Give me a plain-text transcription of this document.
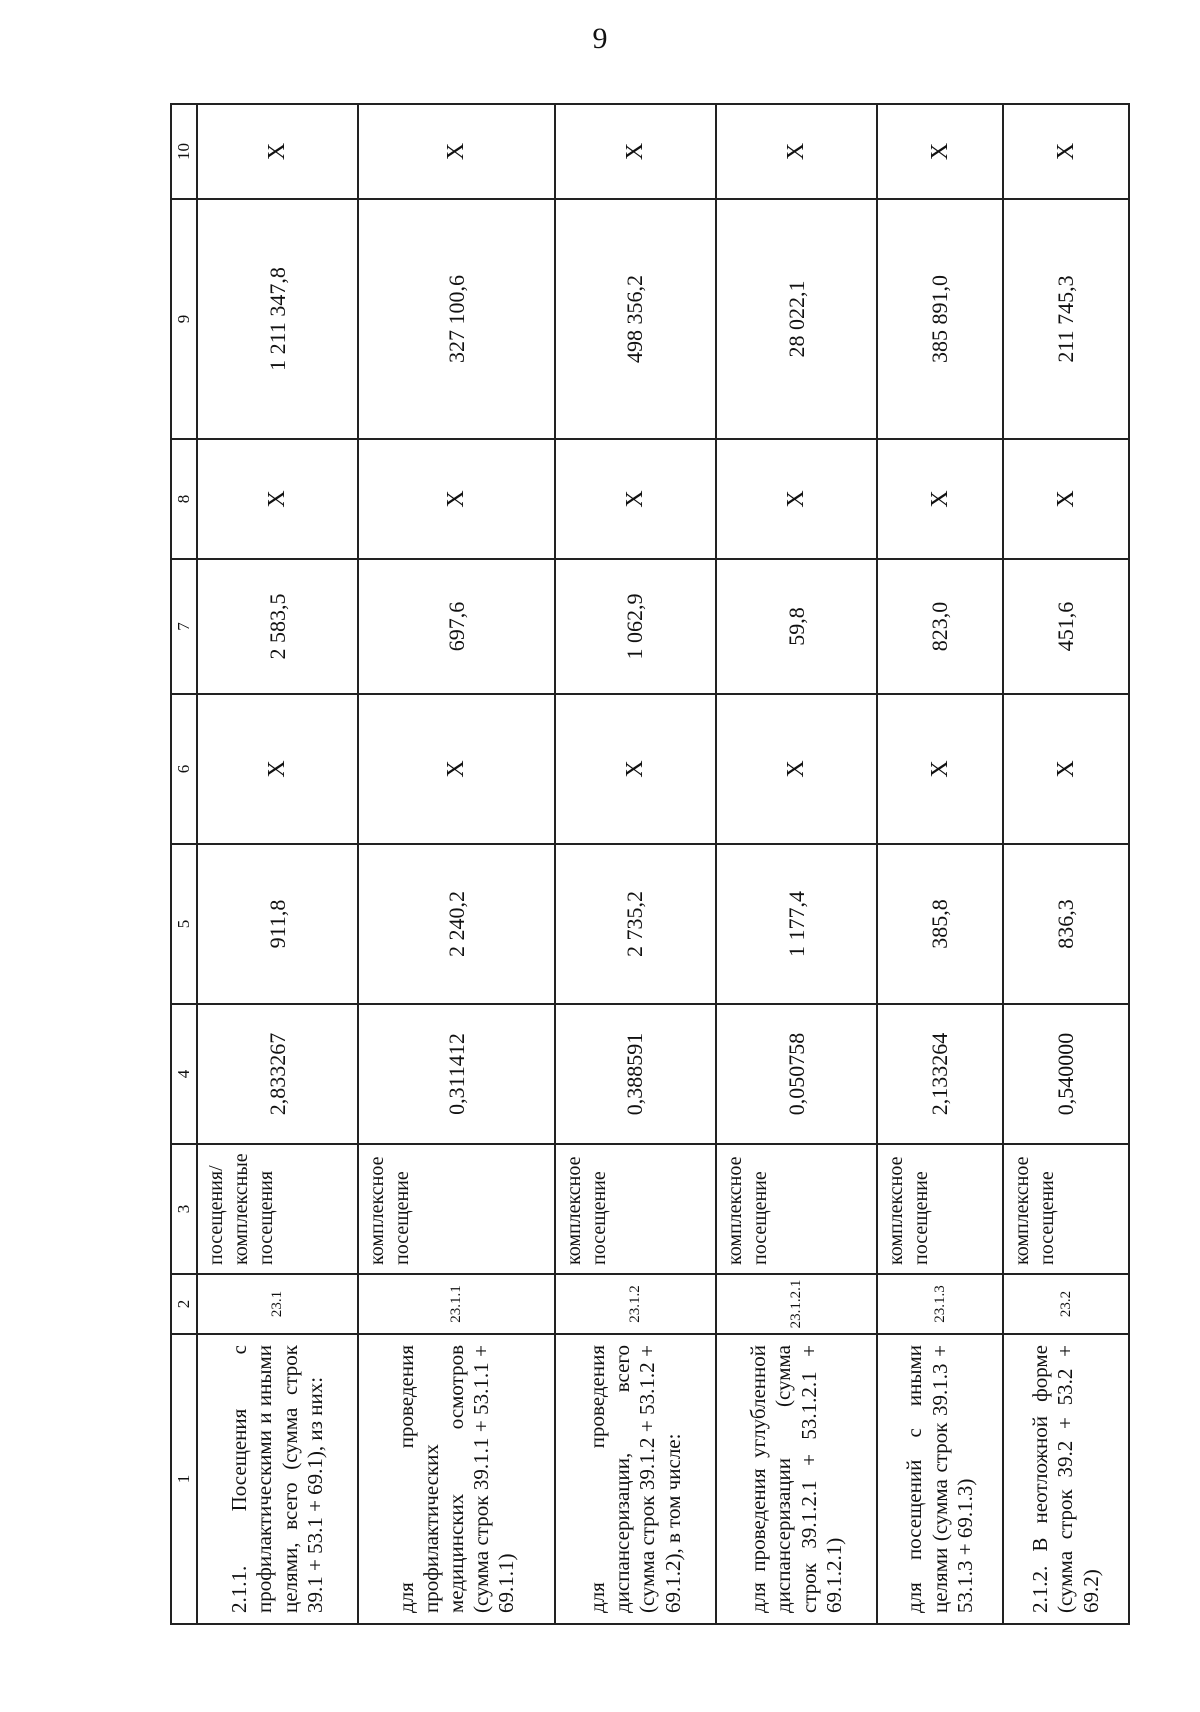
9
1	2	3	4	5	6	7	8	9	10
2.1.1. Посещения с профилактическими и иными целями, всего (сумма строк 39.1 + 53.1 + 69.1), из них:	23.1	посещения/ комплексные посещения	2,833267	911,8	X	2 583,5	X	1 211 347,8	X
для проведения профилактических медицинских осмотров (сумма строк 39.1.1 + 53.1.1 + 69.1.1)	23.1.1	комплексное посещение	0,311412	2 240,2	X	697,6	X	327 100,6	X
для проведения диспансеризации, всего (сумма строк 39.1.2 + 53.1.2 + 69.1.2), в том числе:	23.1.2	комплексное посещение	0,388591	2 735,2	X	1 062,9	X	498 356,2	X
для проведения углубленной диспансеризации (сумма строк 39.1.2.1 + 53.1.2.1 + 69.1.2.1)	23.1.2.1	комплексное посещение	0,050758	1 177,4	X	59,8	X	28 022,1	X
для посещений с иными целями (сумма строк 39.1.3 + 53.1.3 + 69.1.3)	23.1.3	комплексное посещение	2,133264	385,8	X	823,0	X	385 891,0	X
2.1.2. В неотложной форме (сумма строк 39.2 + 53.2 + 69.2)	23.2	комплексное посещение	0,540000	836,3	X	451,6	X	211 745,3	X
